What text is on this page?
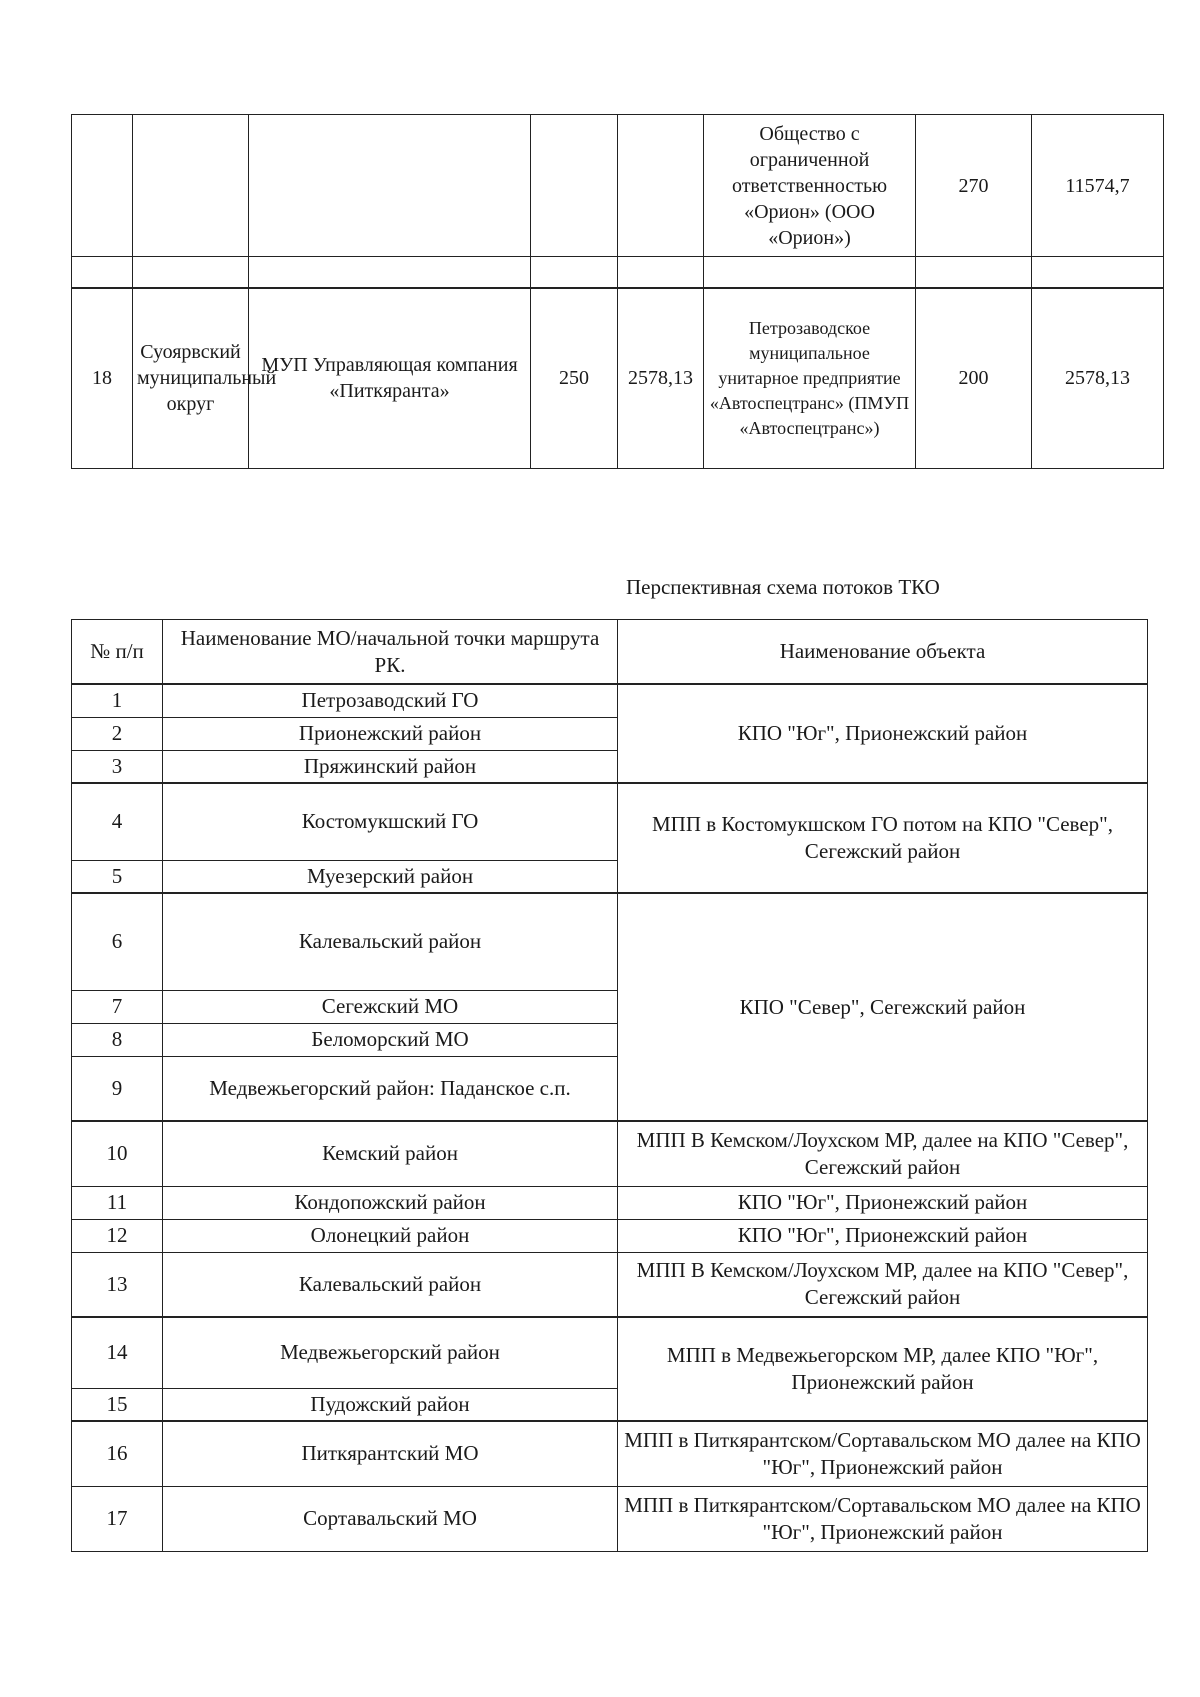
					Общество с ограниченной ответственностью «Орион» (ООО «Орион»)	270	11574,7

18	Суоярвский муниципальный округ	МУП Управляющая компания «Питкяранта»	250	2578,13	Петрозаводское муниципальное унитарное предприятие «Автоспецтранс» (ПМУП «Автоспецтранс»)	200	2578,13
Перспективная схема потоков ТКО
№ п/п	Наименование МО/начальной точки маршрута РК.	Наименование объекта
1	Петрозаводский ГО	КПО "Юг", Прионежский район
2	Прионежский район	
3	Пряжинский район	
4	Костомукшский ГО	МПП в Костомукшском ГО потом на КПО "Север", Сегежский район
5	Муезерский район	
6	Калевальский район	КПО "Север", Сегежский район
7	Сегежский МО	
8	Беломорский МО	
9	Медвежьегорский район: Паданское с.п.	
10	Кемский район	МПП В Кемском/Лоухском МР, далее на КПО "Север", Сегежский район
11	Кондопожский район	КПО "Юг", Прионежский район
12	Олонецкий район	КПО "Юг", Прионежский район
13	Калевальский район	МПП В Кемском/Лоухском МР, далее на КПО "Север", Сегежский район
14	Медвежьегорский район	МПП в Медвежьегорском МР, далее КПО "Юг", Прионежский район
15	Пудожский район	
16	Питкярантский МО	МПП в Питкярантском/Сортавальском МО далее на КПО "Юг", Прионежский район
17	Сортавальский МО	МПП в Питкярантском/Сортавальском МО далее на КПО "Юг", Прионежский район
